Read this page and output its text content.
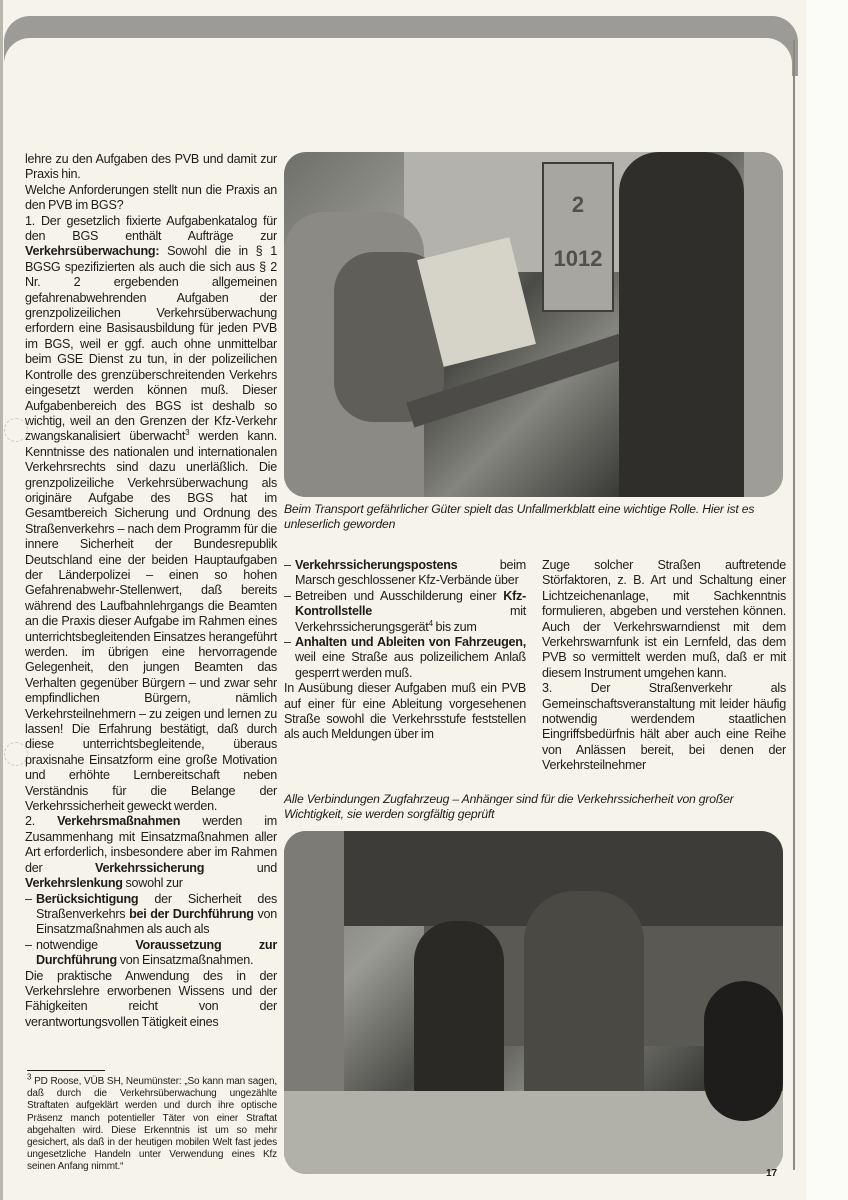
lehre zu den Aufgaben des PVB und damit zur Praxis hin.

Welche Anforderungen stellt nun die Praxis an den PVB im BGS?

1. Der gesetzlich fixierte Aufgabenkatalog für den BGS enthält Aufträge zur Verkehrsüberwachung: Sowohl die in § 1 BGSG spezifizierten als auch die sich aus § 2 Nr. 2 ergebenden allgemeinen gefahrenabwehrenden Aufgaben der grenzpolizeilichen Verkehrsüberwachung erfordern eine Basisausbildung für jeden PVB im BGS, weil er ggf. auch ohne unmittelbar beim GSE Dienst zu tun, in der polizeilichen Kontrolle des grenzüberschreitenden Verkehrs eingesetzt werden können muß. Dieser Aufgabenbereich des BGS ist deshalb so wichtig, weil an den Grenzen der Kfz-Verkehr zwangskanalisiert überwacht$^3$ werden kann. Kenntnisse des nationalen und internationalen Verkehrsrechts sind dazu unerläßlich. Die grenzpolizeiliche Verkehrsüberwachung als originäre Aufgabe des BGS hat im Gesamtbereich Sicherung und Ordnung des Straßenverkehrs – nach dem Programm für die innere Sicherheit der Bundesrepublik Deutschland eine der beiden Hauptaufgaben der Länderpolizei – einen so hohen Gefahrenabwehr-Stellenwert, daß bereits während des Laufbahnlehrgangs die Beamten an die Praxis dieser Aufgabe im Rahmen eines unterrichtsbegleitenden Einsatzes herangeführt werden. im übrigen eine hervorragende Gelegenheit, den jungen Beamten das Verhalten gegenüber Bürgern – und zwar sehr empfindlichen Bürgern, nämlich Verkehrsteilnehmern – zu zeigen und lernen zu lassen! Die Erfahrung bestätigt, daß durch diese unterrichtsbegleitende, überaus praxisnahe Einsatzform eine große Motivation und erhöhte Lernbereitschaft neben Verständnis für die Belange der Verkehrssicherheit geweckt werden.

2. Verkehrsmaßnahmen werden im Zusammenhang mit Einsatzmaßnahmen aller Art erforderlich, insbesondere aber im Rahmen der Verkehrssicherung und Verkehrslenkung sowohl zur

– Berücksichtigung der Sicherheit des Straßenverkehrs bei der Durchführung von Einsatzmaßnahmen als auch als

– notwendige Voraussetzung zur Durchführung von Einsatzmaßnahmen.

Die praktische Anwendung des in der Verkehrslehre erworbenen Wissens und der Fähigkeiten reicht von der verantwortungsvollen Tätigkeit eines

2
1012
Beim Transport gefährlicher Güter spielt das Unfallmerkblatt eine wichtige Rolle. Hier ist es unleserlich geworden

– Verkehrssicherungspostens beim Marsch geschlossener Kfz-Verbände über

– Betreiben und Ausschilderung einer Kfz-Kontrollstelle mit Verkehrssicherungsgerät$^4$ bis zum

– Anhalten und Ableiten von Fahrzeugen, weil eine Straße aus polizeilichem Anlaß gesperrt werden muß.

In Ausübung dieser Aufgaben muß ein PVB auf einer für eine Ableitung vorgesehenen Straße sowohl die Verkehrsstufe feststellen als auch Meldungen über im

Zuge solcher Straßen auftretende Störfaktoren, z. B. Art und Schaltung einer Lichtzeichenanlage, mit Sachkenntnis formulieren, abgeben und verstehen können. Auch der Verkehrswarndienst mit dem Verkehrswarnfunk ist ein Lernfeld, das dem PVB so vermittelt werden muß, daß er mit diesem Instrument umgehen kann.

3. Der Straßenverkehr als Gemeinschaftsveranstaltung mit leider häufig notwendig werdendem staatlichen Eingriffsbedürfnis hält aber auch eine Reihe von Anlässen bereit, bei denen der Verkehrsteilnehmer

Alle Verbindungen Zugfahrzeug – Anhänger sind für die Verkehrssicherheit von großer Wichtigkeit, sie werden sorgfältig geprüft
$^3$ PD Roose, VÜB SH, Neumünster: „So kann man sagen, daß durch die Verkehrsüberwachung ungezählte Straftaten aufgeklärt werden und durch ihre optische Präsenz manch potentieller Täter von einer Straftat abgehalten wird. Diese Erkenntnis ist um so mehr gesichert, als daß in der heutigen mobilen Welt fast jedes ungesetzliche Handeln unter Verwendung eines Kfz seinen Anfang nimmt.“
17
